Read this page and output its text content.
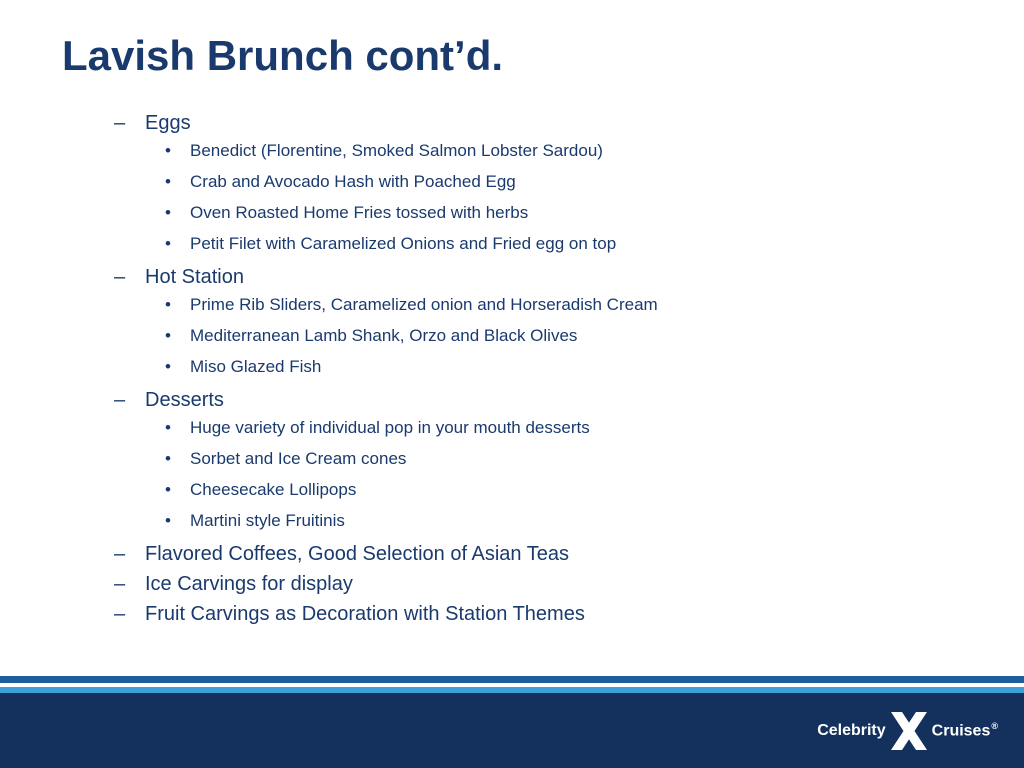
Lavish Brunch cont’d.
– Eggs
• Benedict (Florentine, Smoked Salmon Lobster Sardou)
• Crab and Avocado Hash with Poached Egg
• Oven Roasted Home Fries tossed with herbs
• Petit Filet with Caramelized Onions and Fried egg on top
– Hot Station
• Prime Rib Sliders, Caramelized onion and Horseradish Cream
• Mediterranean Lamb Shank, Orzo and Black Olives
• Miso Glazed Fish
– Desserts
• Huge variety of individual pop in your mouth desserts
• Sorbet and Ice Cream cones
• Cheesecake Lollipops
• Martini style Fruitinis
– Flavored Coffees, Good Selection of Asian Teas
– Ice Carvings for display
– Fruit Carvings as Decoration with Station Themes
Celebrity	Cruises®
